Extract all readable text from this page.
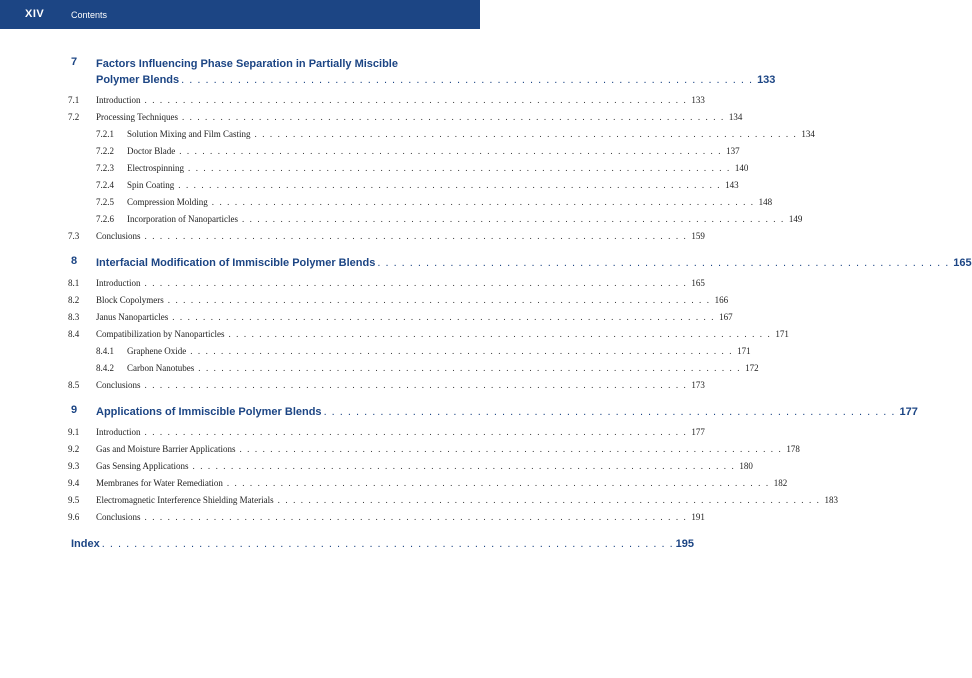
XIV	Contents
7 Factors Influencing Phase Separation in Partially Miscible
Polymer Blends . . . . . . . . . . . . . . . . . . . . . . . . . . . . . . . . . . . . . . . . . . . . . . . . . . . . . . . . . . . . . . . . . . . . . . . 133
7.1 Introduction . . . . . . . . . . . . . . . . . . . . . . . . . . . . . . . . . . . . . . . . . . . . . . . . . . . . . . . . . . . . . . . . . . . . . . . 133
7.2 Processing Techniques . . . . . . . . . . . . . . . . . . . . . . . . . . . . . . . . . . . . . . . . . . . . . . . . . . . . . . . . . . . . . . . . . . . . . . . 134
7.2.1 Solution Mixing and Film Casting . . . . . . . . . . . . . . . . . . . . . . . . . . . . . . . . . . . . . . . . . . . . . . . . . . . . . . . . . . . . . . . . . . . . . . . 134
7.2.2 Doctor Blade . . . . . . . . . . . . . . . . . . . . . . . . . . . . . . . . . . . . . . . . . . . . . . . . . . . . . . . . . . . . . . . . . . . . . . . 137
7.2.3 Electrospinning . . . . . . . . . . . . . . . . . . . . . . . . . . . . . . . . . . . . . . . . . . . . . . . . . . . . . . . . . . . . . . . . . . . . . . . 140
7.2.4 Spin Coating . . . . . . . . . . . . . . . . . . . . . . . . . . . . . . . . . . . . . . . . . . . . . . . . . . . . . . . . . . . . . . . . . . . . . . . 143
7.2.5 Compression Molding . . . . . . . . . . . . . . . . . . . . . . . . . . . . . . . . . . . . . . . . . . . . . . . . . . . . . . . . . . . . . . . . . . . . . . . 148
7.2.6 Incorporation of Nanoparticles . . . . . . . . . . . . . . . . . . . . . . . . . . . . . . . . . . . . . . . . . . . . . . . . . . . . . . . . . . . . . . . . . . . . . . . 149
7.3 Conclusions . . . . . . . . . . . . . . . . . . . . . . . . . . . . . . . . . . . . . . . . . . . . . . . . . . . . . . . . . . . . . . . . . . . . . . . 159
8 Interfacial Modification of Immiscible Polymer Blends . . . . . . . . . . . . . . . . . . . . . . . . . . . . . . . . . . . . . . . . . . . . . . . . . . . . . . . . . . . . . . . . . . . . . . . 165
8.1 Introduction . . . . . . . . . . . . . . . . . . . . . . . . . . . . . . . . . . . . . . . . . . . . . . . . . . . . . . . . . . . . . . . . . . . . . . . 165
8.2 Block Copolymers . . . . . . . . . . . . . . . . . . . . . . . . . . . . . . . . . . . . . . . . . . . . . . . . . . . . . . . . . . . . . . . . . . . . . . . 166
8.3 Janus Nanoparticles . . . . . . . . . . . . . . . . . . . . . . . . . . . . . . . . . . . . . . . . . . . . . . . . . . . . . . . . . . . . . . . . . . . . . . . 167
8.4 Compatibilization by Nanoparticles . . . . . . . . . . . . . . . . . . . . . . . . . . . . . . . . . . . . . . . . . . . . . . . . . . . . . . . . . . . . . . . . . . . . . . . 171
8.4.1 Graphene Oxide . . . . . . . . . . . . . . . . . . . . . . . . . . . . . . . . . . . . . . . . . . . . . . . . . . . . . . . . . . . . . . . . . . . . . . . 171
8.4.2 Carbon Nanotubes . . . . . . . . . . . . . . . . . . . . . . . . . . . . . . . . . . . . . . . . . . . . . . . . . . . . . . . . . . . . . . . . . . . . . . . 172
8.5 Conclusions . . . . . . . . . . . . . . . . . . . . . . . . . . . . . . . . . . . . . . . . . . . . . . . . . . . . . . . . . . . . . . . . . . . . . . . 173
9 Applications of Immiscible Polymer Blends . . . . . . . . . . . . . . . . . . . . . . . . . . . . . . . . . . . . . . . . . . . . . . . . . . . . . . . . . . . . . . . . . . . . . . . 177
9.1 Introduction . . . . . . . . . . . . . . . . . . . . . . . . . . . . . . . . . . . . . . . . . . . . . . . . . . . . . . . . . . . . . . . . . . . . . . . 177
9.2 Gas and Moisture Barrier Applications . . . . . . . . . . . . . . . . . . . . . . . . . . . . . . . . . . . . . . . . . . . . . . . . . . . . . . . . . . . . . . . . . . . . . . . 178
9.3 Gas Sensing Applications . . . . . . . . . . . . . . . . . . . . . . . . . . . . . . . . . . . . . . . . . . . . . . . . . . . . . . . . . . . . . . . . . . . . . . . 180
9.4 Membranes for Water Remediation . . . . . . . . . . . . . . . . . . . . . . . . . . . . . . . . . . . . . . . . . . . . . . . . . . . . . . . . . . . . . . . . . . . . . . . 182
9.5 Electromagnetic Interference Shielding Materials . . . . . . . . . . . . . . . . . . . . . . . . . . . . . . . . . . . . . . . . . . . . . . . . . . . . . . . . . . . . . . . . . . . . . . . 183
9.6 Conclusions . . . . . . . . . . . . . . . . . . . . . . . . . . . . . . . . . . . . . . . . . . . . . . . . . . . . . . . . . . . . . . . . . . . . . . . 191
Index . . . . . . . . . . . . . . . . . . . . . . . . . . . . . . . . . . . . . . . . . . . . . . . . . . . . . . . . . . . . . . . . . . . . . . . 195
